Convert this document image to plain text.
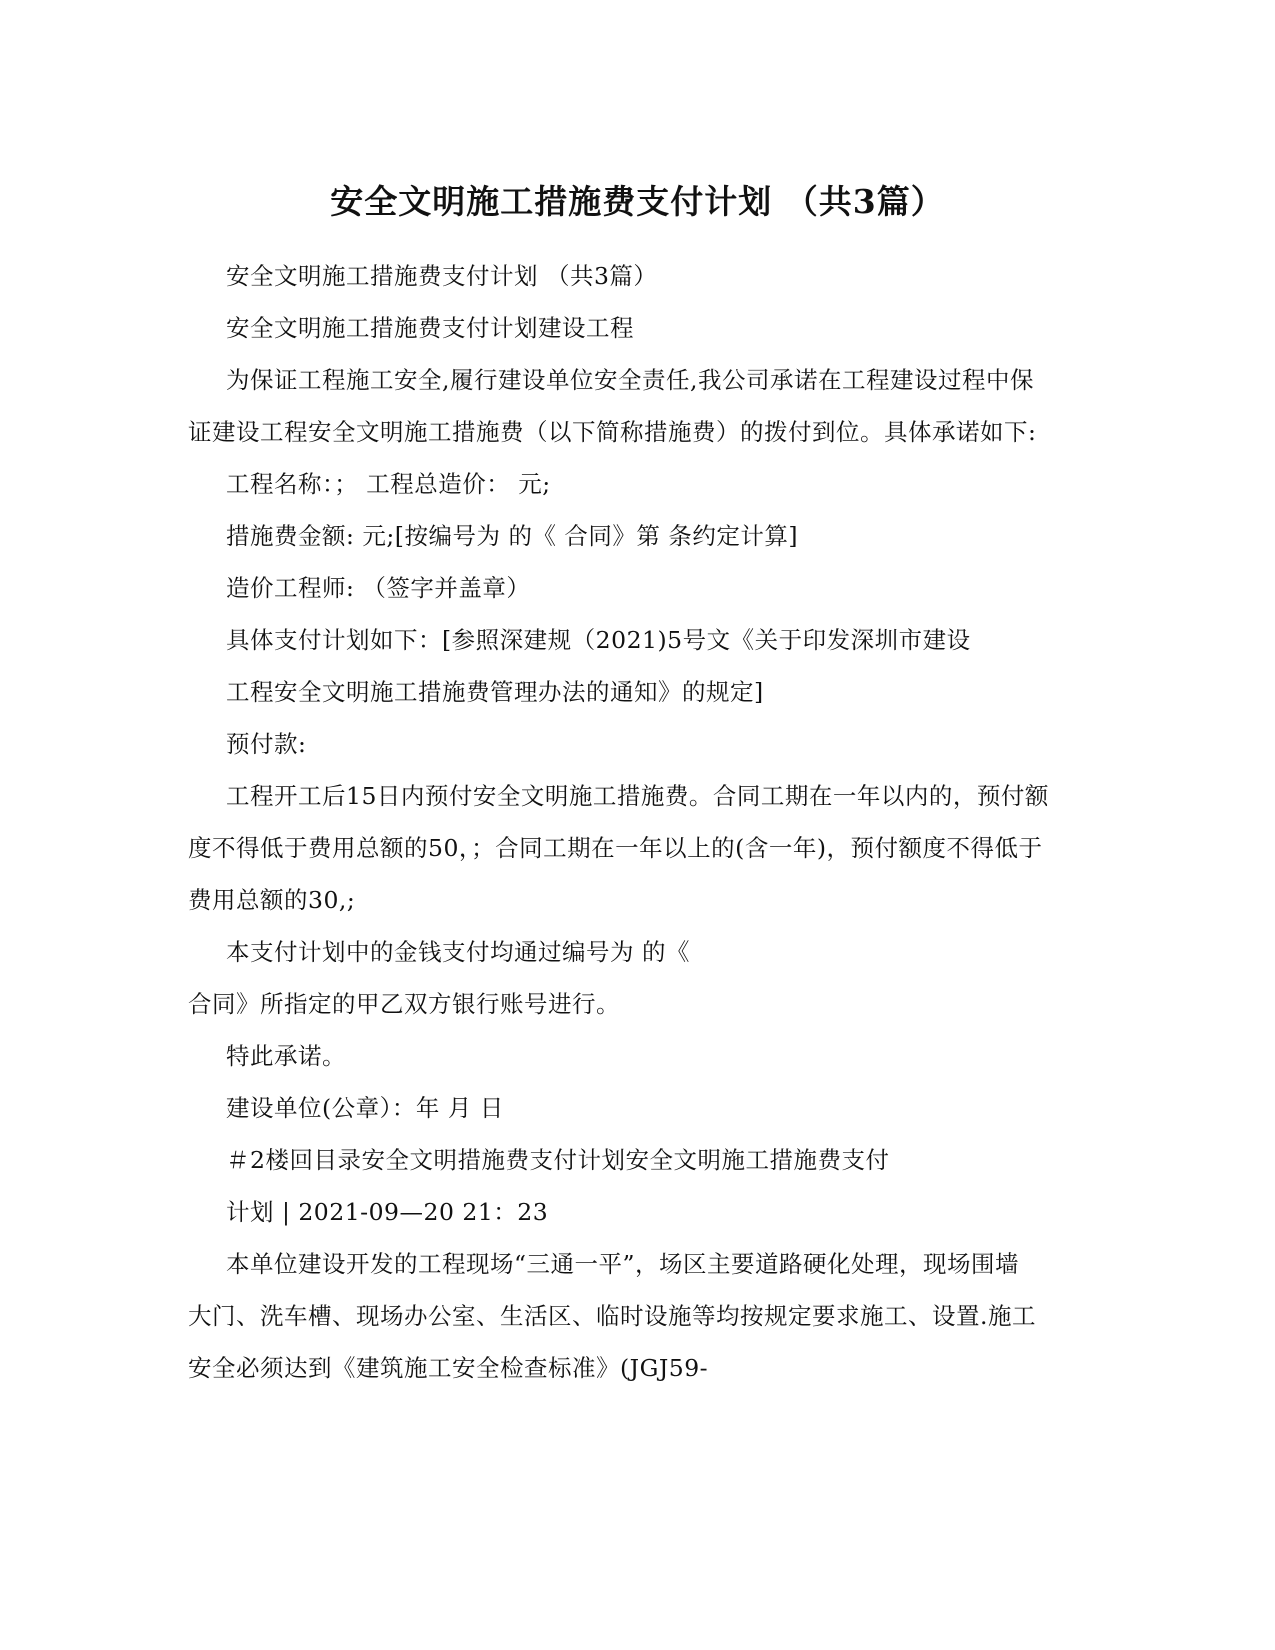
安全文明施工措施费支付计划 （共3篇）
安全文明施工措施费支付计划 （共3篇）
安全文明施工措施费支付计划建设工程
为保证工程施工安全,履行建设单位安全责任,我公司承诺在工程建设过程中保
证建设工程安全文明施工措施费（以下简称措施费）的拨付到位。具体承诺如下:
工程名称：； 工程总造价： 元;
措施费金额: 元;[按编号为 的《 合同》第 条约定计算]
造价工程师: （签字并盖章）
具体支付计划如下：[参照深建规（2021)5号文《关于印发深圳市建设
工程安全文明施工措施费管理办法的通知》的规定]
预付款:
工程开工后15日内预付安全文明施工措施费。合同工期在一年以内的，预付额
度不得低于费用总额的50，；合同工期在一年以上的(含一年)，预付额度不得低于
费用总额的30,;
本支付计划中的金钱支付均通过编号为 的《
合同》所指定的甲乙双方银行账号进行。
特此承诺。
建设单位(公章）：年 月 日
＃2楼回目录安全文明措施费支付计划安全文明施工措施费支付
计划 | 2021-09—20 21：23
本单位建设开发的工程现场“三通一平”，场区主要道路硬化处理，现场围墙
大门、洗车槽、现场办公室、生活区、临时设施等均按规定要求施工、设置.施工
安全必须达到《建筑施工安全检查标准》(JGJ59-
